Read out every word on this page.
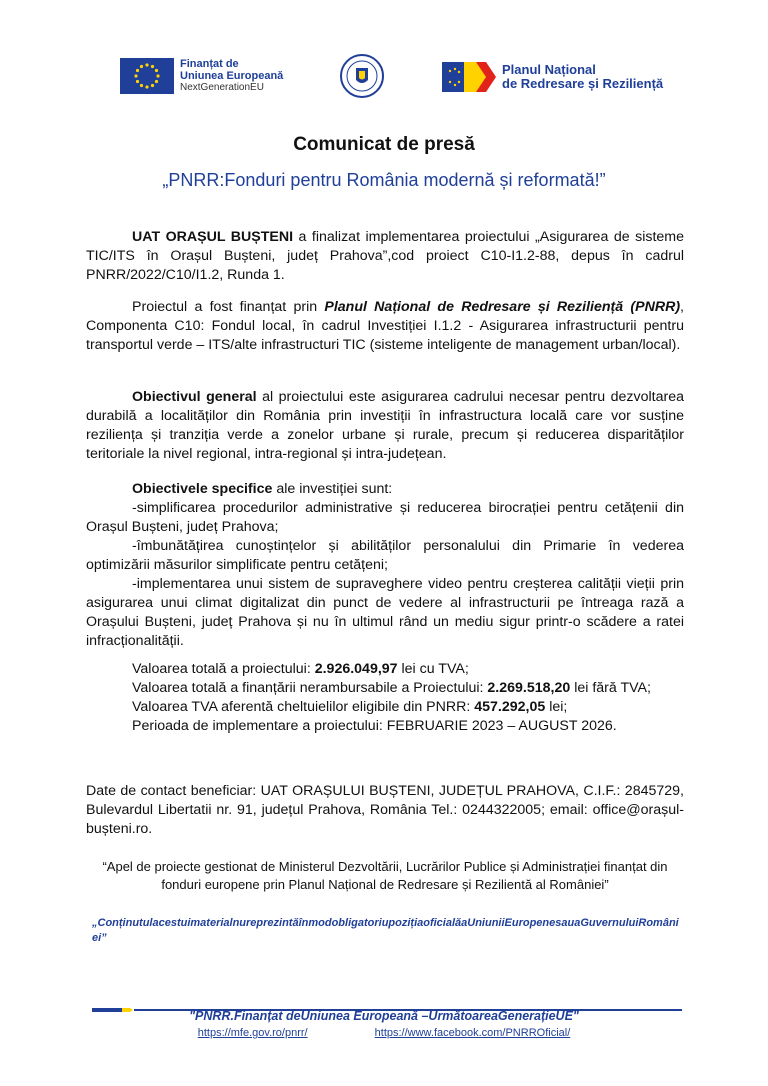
Finanțat de
Uniunea Europeană
NextGenerationEU
Planul Național
de Redresare și Reziliență
Comunicat de presă
„PNRR:Fonduri pentru România modernă și reformată!”
UAT ORAȘUL BUȘTENI a finalizat implementarea proiectului „Asigurarea de sisteme TIC/ITS în Orașul Bușteni, județ Prahova”,cod proiect C10-I1.2-88, depus în cadrul PNRR/2022/C10/I1.2, Runda 1.
Proiectul a fost finanțat prin Planul Național de Redresare și Reziliență (PNRR), Componenta C10: Fondul local, în cadrul Investiției I.1.2 - Asigurarea infrastructurii pentru transportul verde – ITS/alte infrastructuri TIC (sisteme inteligente de management urban/local).
Obiectivul general al proiectului este asigurarea cadrului necesar pentru dezvoltarea durabilă a localităților din România prin investiții în infrastructura locală care vor susține reziliența și tranziția verde a zonelor urbane și rurale, precum și reducerea disparităților teritoriale la nivel regional, intra-regional și intra-județean.
Obiectivele specifice ale investiției sunt:
-simplificarea procedurilor administrative și reducerea birocrației pentru cetățenii din Orașul Bușteni, județ Prahova;
-îmbunătățirea cunoștințelor și abilităților personalului din Primarie în vederea optimizării măsurilor simplificate pentru cetățeni;
-implementarea unui sistem de supraveghere video pentru creșterea calității vieții prin asigurarea unui climat digitalizat din punct de vedere al infrastructurii pe întreaga rază a Orașului Bușteni, județ Prahova și nu în ultimul rând un mediu sigur printr-o scădere a ratei infracționalității.
Valoarea totală a proiectului: 2.926.049,97 lei cu TVA;
Valoarea totală a finanțării nerambursabile a Proiectului: 2.269.518,20 lei fără TVA;
Valoarea TVA aferentă cheltuielilor eligibile din PNRR: 457.292,05 lei;
Perioada de implementare a proiectului: FEBRUARIE 2023 – AUGUST 2026.
Date de contact beneficiar: UAT ORAȘULUI BUȘTENI, JUDEȚUL PRAHOVA, C.I.F.: 2845729, Bulevardul Libertatii nr. 91, județul Prahova, România Tel.: 0244322005; email: office@orașul-bușteni.ro.
“Apel de proiecte gestionat de Ministerul Dezvoltării, Lucrărilor Publice și Administrației finanțat din fonduri europene prin Planul Național de Redresare și Rezilientă al României”
„ConținutulacestuimaterialnureprezintăînmodobligatoriupozițiaoficialăaUniuniiEuropenesauaGuvernuluiRomâniei”
"PNRR.Finanțat deUniunea Europeană –UrmătoareaGenerațieUE"
https://mfe.gov.ro/pnrr/	https://www.facebook.com/PNRROficial/
